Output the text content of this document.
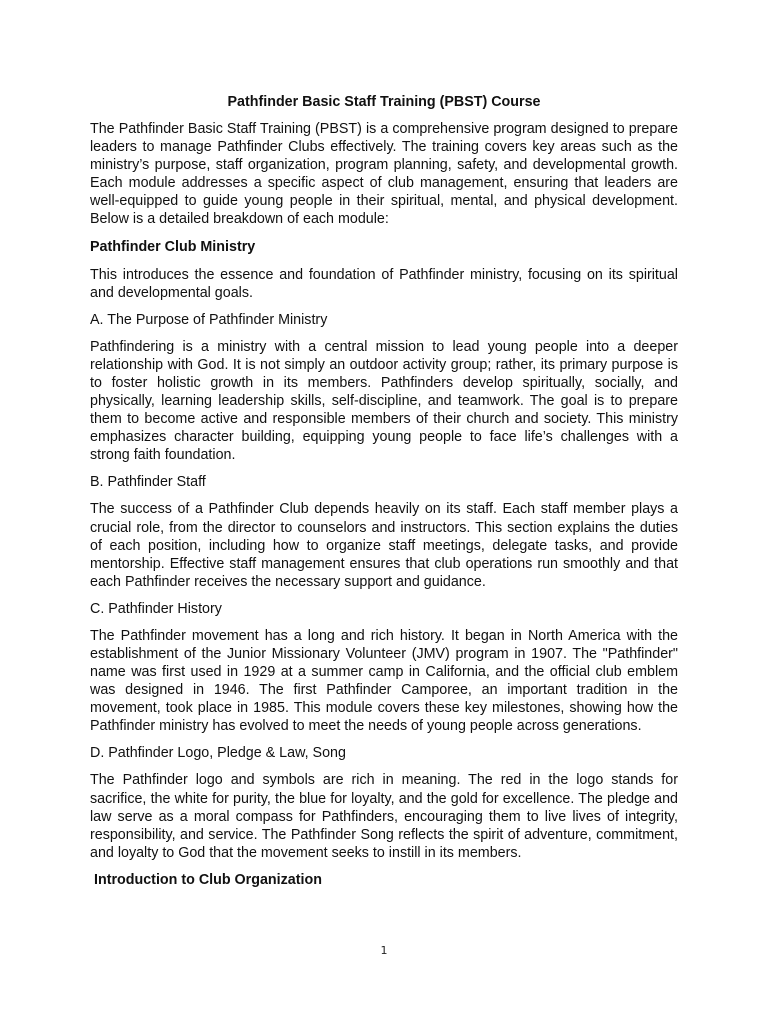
Pathfinder Basic Staff Training (PBST) Course
The Pathfinder Basic Staff Training (PBST) is a comprehensive program designed to prepare leaders to manage Pathfinder Clubs effectively. The training covers key areas such as the ministry’s purpose, staff organization, program planning, safety, and developmental growth. Each module addresses a specific aspect of club management, ensuring that leaders are well-equipped to guide young people in their spiritual, mental, and physical development. Below is a detailed breakdown of each module:
Pathfinder Club Ministry
This introduces the essence and foundation of Pathfinder ministry, focusing on its spiritual and developmental goals.
A. The Purpose of Pathfinder Ministry
Pathfindering is a ministry with a central mission to lead young people into a deeper relationship with God. It is not simply an outdoor activity group; rather, its primary purpose is to foster holistic growth in its members. Pathfinders develop spiritually, socially, and physically, learning leadership skills, self-discipline, and teamwork. The goal is to prepare them to become active and responsible members of their church and society. This ministry emphasizes character building, equipping young people to face life’s challenges with a strong faith foundation.
B. Pathfinder Staff
The success of a Pathfinder Club depends heavily on its staff. Each staff member plays a crucial role, from the director to counselors and instructors. This section explains the duties of each position, including how to organize staff meetings, delegate tasks, and provide mentorship. Effective staff management ensures that club operations run smoothly and that each Pathfinder receives the necessary support and guidance.
C. Pathfinder History
The Pathfinder movement has a long and rich history. It began in North America with the establishment of the Junior Missionary Volunteer (JMV) program in 1907. The "Pathfinder" name was first used in 1929 at a summer camp in California, and the official club emblem was designed in 1946. The first Pathfinder Camporee, an important tradition in the movement, took place in 1985. This module covers these key milestones, showing how the Pathfinder ministry has evolved to meet the needs of young people across generations.
D. Pathfinder Logo, Pledge & Law, Song
The Pathfinder logo and symbols are rich in meaning. The red in the logo stands for sacrifice, the white for purity, the blue for loyalty, and the gold for excellence. The pledge and law serve as a moral compass for Pathfinders, encouraging them to live lives of integrity, responsibility, and service. The Pathfinder Song reflects the spirit of adventure, commitment, and loyalty to God that the movement seeks to instill in its members.
Introduction to Club Organization
1
